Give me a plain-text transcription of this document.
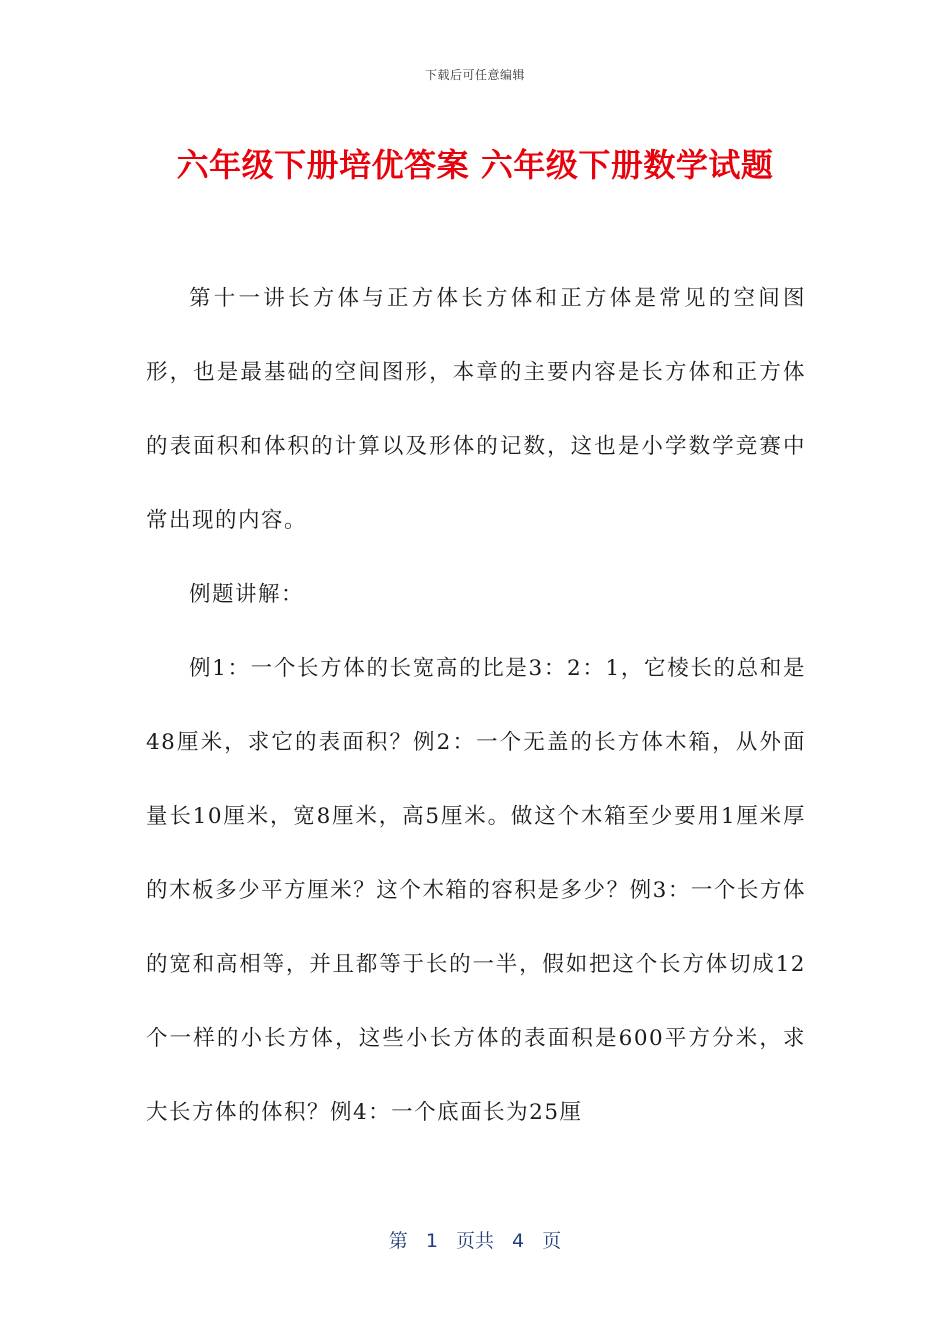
下载后可任意编辑
六年级下册培优答案 六年级下册数学试题

第十一讲长方体与正方体长方体和正方体是常见的空间图形，也是最基础的空间图形，本章的主要内容是长方体和正方体的表面积和体积的计算以及形体的记数，这也是小学数学竞赛中常出现的内容。

例题讲解：

例1：一个长方体的长宽高的比是3：2：1，它棱长的总和是48厘米，求它的表面积？例2：一个无盖的长方体木箱，从外面量长10厘米，宽8厘米，高5厘米。做这个木箱至少要用1厘米厚的木板多少平方厘米？这个木箱的容积是多少？例3：一个长方体的宽和高相等，并且都等于长的一半，假如把这个长方体切成12个一样的小长方体，这些小长方体的表面积是600平方分米，求大长方体的体积？例4：一个底面长为25厘

第 1 页共 4 页
